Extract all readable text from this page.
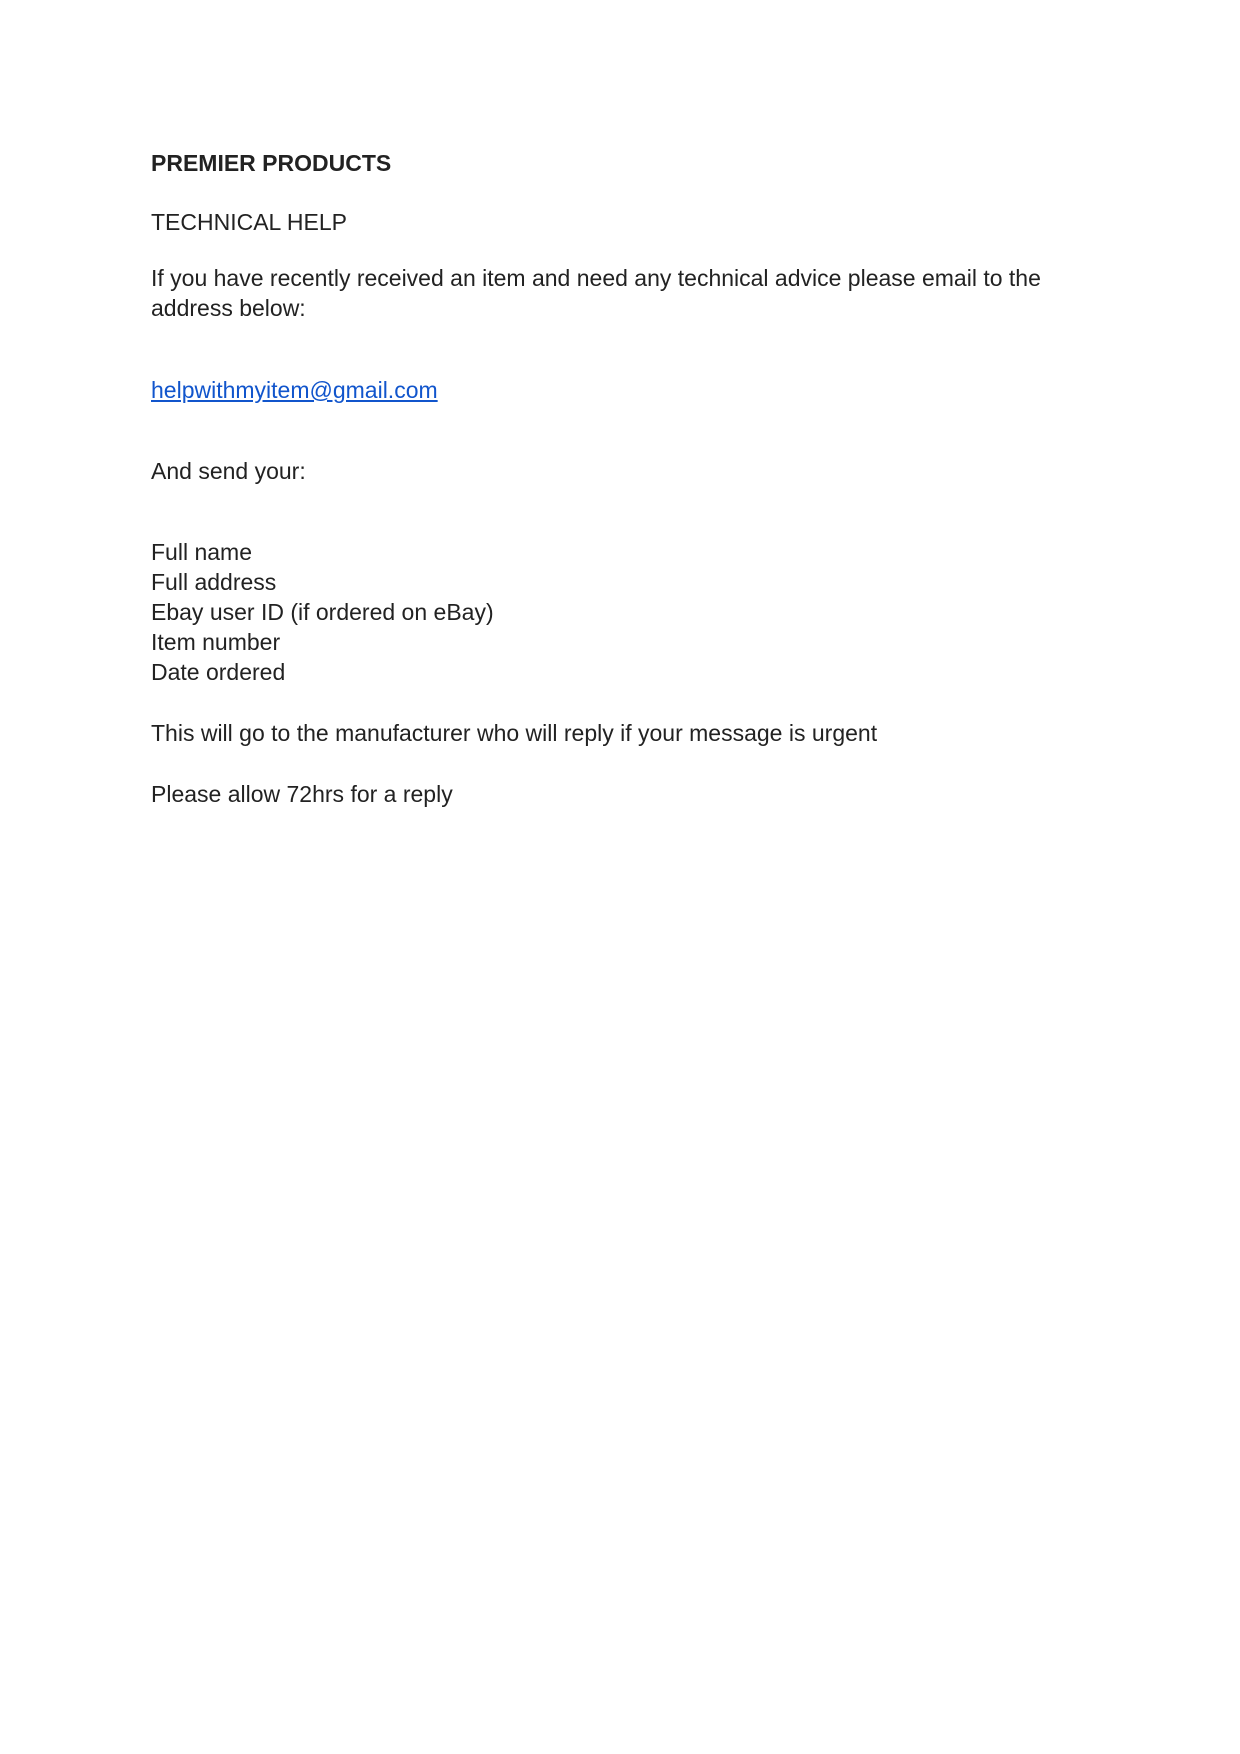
PREMIER PRODUCTS

TECHNICAL HELP

If you have recently received an item and need any technical advice please email to the address below:

helpwithmyitem@gmail.com

And send your:

Full name
Full address
Ebay user ID (if ordered on eBay)
Item number
Date ordered

This will go to the manufacturer who will reply if your message is urgent

Please allow 72hrs for a reply
